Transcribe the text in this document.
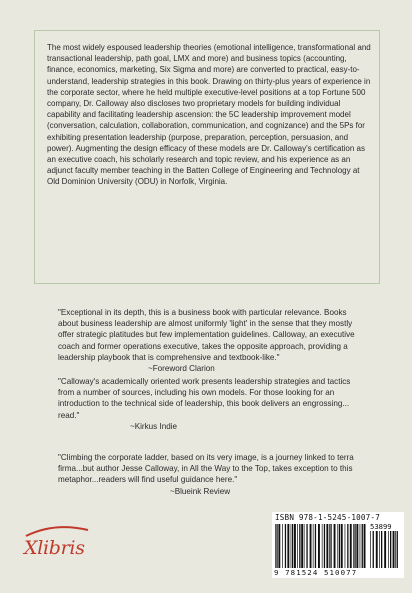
The most widely espoused leadership theories (emotional intelligence, transformational and transactional leadership, path goal, LMX and more) and business topics (accounting, finance, economics, marketing, Six Sigma and more) are converted to practical, easy-to-understand, leadership strategies in this book. Drawing on thirty-plus years of experience in the corporate sector, where he held multiple executive-level positions at a top Fortune 500 company, Dr. Calloway also discloses two proprietary models for building individual capability and facilitating leadership ascension: the 5C leadership improvement model (conversation, calculation, collaboration, communication, and cognizance) and the 5Ps for exhibiting presentation leadership (purpose, preparation, perception, persuasion, and power). Augmenting the design efficacy of these models are Dr. Calloway's certification as an executive coach, his scholarly research and topic review, and his experience as an adjunct faculty member teaching in the Batten College of Engineering and Technology at Old Dominion University (ODU) in Norfolk, Virginia.

"Exceptional in its depth, this is a business book with particular relevance. Books about business leadership are almost uniformly 'light' in the sense that they mostly offer strategic platitudes but few implementation guidelines. Calloway, an executive coach and former operations executive, takes the opposite approach, providing a leadership playbook that is comprehensive and textbook-like."
~Foreword Clarion
"Calloway's academically oriented work presents leadership strategies and tactics from a number of sources, including his own models. For those looking for an introduction to the technical side of leadership, this book delivers an engrossing... read."
~Kirkus Indie
"Climbing the corporate ladder, based on its very image, is a journey linked to terra firma...but author Jesse Calloway, in All the Way to the Top, takes exception to this metaphor...readers will find useful guidance here."
~Blueink Review
Xlibris
ISBN 978-1-5245-1007-7
53899
9 781524 510077
